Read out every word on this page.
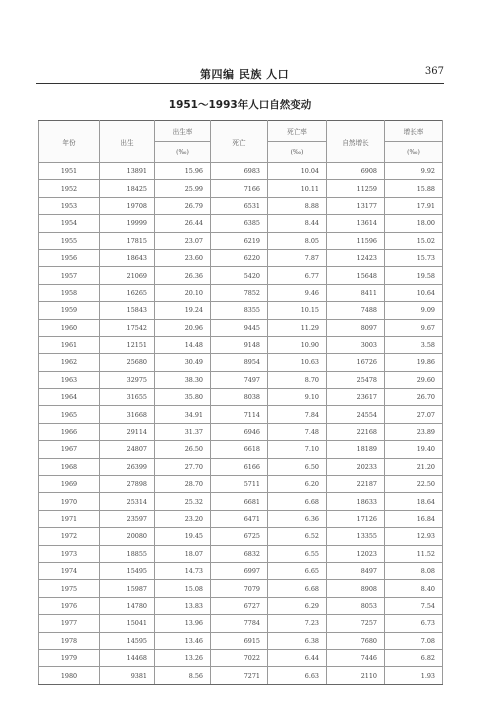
第四编 民族 人口	367
1951～1993年人口自然变动
年份	出生	出生率	死亡	死亡率	自然增长	增长率
		(‰)		(‰)		(‰)
1951	13891	15.96	6983	10.04	6908	9.92
1952	18425	25.99	7166	10.11	11259	15.88
1953	19708	26.79	6531	8.88	13177	17.91
1954	19999	26.44	6385	8.44	13614	18.00
1955	17815	23.07	6219	8.05	11596	15.02
1956	18643	23.60	6220	7.87	12423	15.73
1957	21069	26.36	5420	6.77	15648	19.58
1958	16265	20.10	7852	9.46	8411	10.64
1959	15843	19.24	8355	10.15	7488	9.09
1960	17542	20.96	9445	11.29	8097	9.67
1961	12151	14.48	9148	10.90	3003	3.58
1962	25680	30.49	8954	10.63	16726	19.86
1963	32975	38.30	7497	8.70	25478	29.60
1964	31655	35.80	8038	9.10	23617	26.70
1965	31668	34.91	7114	7.84	24554	27.07
1966	29114	31.37	6946	7.48	22168	23.89
1967	24807	26.50	6618	7.10	18189	19.40
1968	26399	27.70	6166	6.50	20233	21.20
1969	27898	28.70	5711	6.20	22187	22.50
1970	25314	25.32	6681	6.68	18633	18.64
1971	23597	23.20	6471	6.36	17126	16.84
1972	20080	19.45	6725	6.52	13355	12.93
1973	18855	18.07	6832	6.55	12023	11.52
1974	15495	14.73	6997	6.65	8497	8.08
1975	15987	15.08	7079	6.68	8908	8.40
1976	14780	13.83	6727	6.29	8053	7.54
1977	15041	13.96	7784	7.23	7257	6.73
1978	14595	13.46	6915	6.38	7680	7.08
1979	14468	13.26	7022	6.44	7446	6.82
1980	9381	8.56	7271	6.63	2110	1.93
